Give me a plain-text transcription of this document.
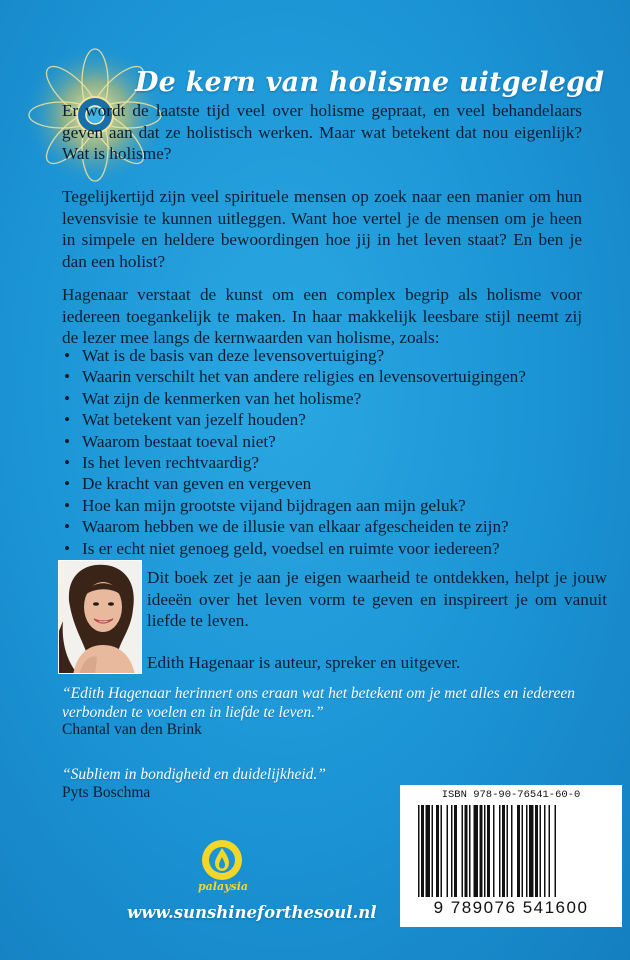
De kern van holisme uitgelegd

Er wordt de laatste tijd veel over holisme gepraat, en veel behandelaars geven aan dat ze holistisch werken. Maar wat betekent dat nou eigenlijk? Wat is holisme?

Tegelijkertijd zijn veel spirituele mensen op zoek naar een manier om hun levensvisie te kunnen uitleggen. Want hoe vertel je de mensen om je heen in simpele en heldere bewoordingen hoe jij in het leven staat? En ben je dan een holist?

Hagenaar verstaat de kunst om een complex begrip als holisme voor iedereen toegankelijk te maken. In haar makkelijk leesbare stijl neemt zij de lezer mee langs de kernwaarden van holisme, zoals:

• Wat is de basis van deze levensovertuiging?
• Waarin verschilt het van andere religies en levensovertuigingen?
• Wat zijn de kenmerken van het holisme?
• Wat betekent van jezelf houden?
• Waarom bestaat toeval niet?
• Is het leven rechtvaardig?
• De kracht van geven en vergeven
• Hoe kan mijn grootste vijand bijdragen aan mijn geluk?
• Waarom hebben we de illusie van elkaar afgescheiden te zijn?
• Is er echt niet genoeg geld, voedsel en ruimte voor iedereen?

Dit boek zet je aan je eigen waarheid te ontdekken, helpt je jouw ideeën over het leven vorm te geven en inspireert je om vanuit liefde te leven.

Edith Hagenaar is auteur, spreker en uitgever.

“Edith Hagenaar herinnert ons eraan wat het betekent om je met alles en iedereen verbonden te voelen en in liefde te leven.”

Chantal van den Brink

“Subliem in bondigheid en duidelijkheid.”

Pyts Boschma	ISBN 978-90-76541-60-0
9 789076 541600
palaysia
www.sunshineforthesoul.nl
